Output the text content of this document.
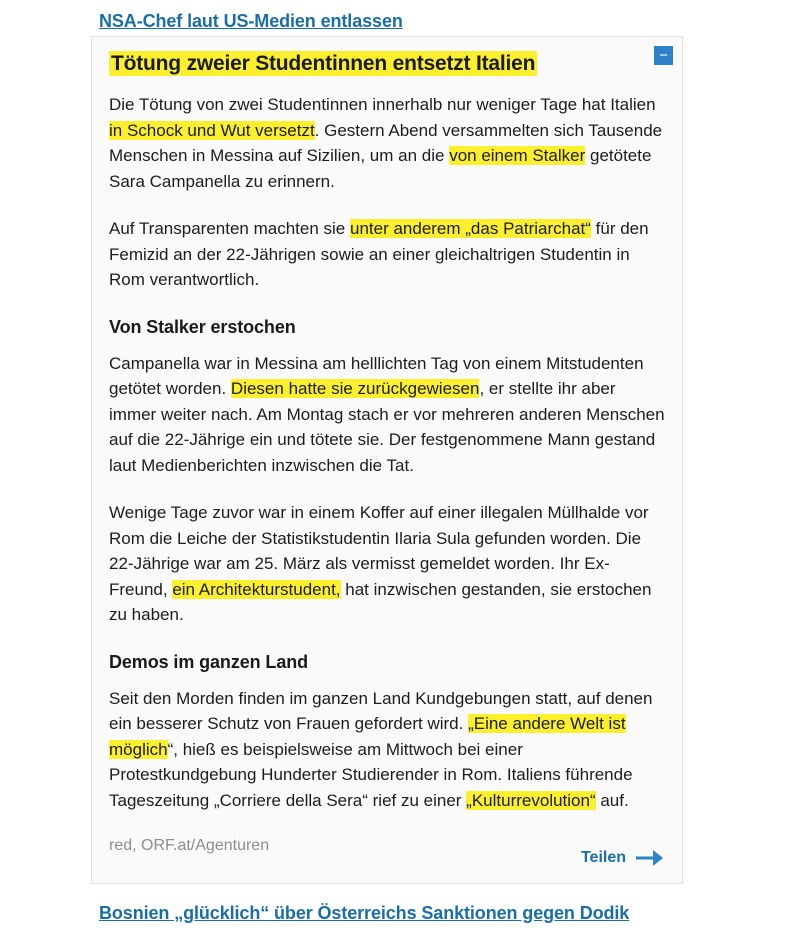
NSA-Chef laut US-Medien entlassen
−
Tötung zweier Studentinnen entsetzt Italien

Die Tötung von zwei Studentinnen innerhalb nur weniger Tage hat Italien in Schock und Wut versetzt. Gestern Abend versammelten sich Tausende Menschen in Messina auf Sizilien, um an die von einem Stalker getötete Sara Campanella zu erinnern.

Auf Transparenten machten sie unter anderem „das Patriarchat“ für den Femizid an der 22-Jährigen sowie an einer gleichaltrigen Studentin in Rom verantwortlich.

Von Stalker erstochen

Campanella war in Messina am helllichten Tag von einem Mitstudenten getötet worden. Diesen hatte sie zurückgewiesen, er stellte ihr aber immer weiter nach. Am Montag stach er vor mehreren anderen Menschen auf die 22-Jährige ein und tötete sie. Der festgenommene Mann gestand laut Medienberichten inzwischen die Tat.

Wenige Tage zuvor war in einem Koffer auf einer illegalen Müllhalde vor Rom die Leiche der Statistikstudentin Ilaria Sula gefunden worden. Die 22-Jährige war am 25. März als vermisst gemeldet worden. Ihr Ex-Freund, ein Architekturstudent, hat inzwischen gestanden, sie erstochen zu haben.

Demos im ganzen Land

Seit den Morden finden im ganzen Land Kundgebungen statt, auf denen ein besserer Schutz von Frauen gefordert wird. „Eine andere Welt ist möglich“, hieß es beispielsweise am Mittwoch bei einer Protestkundgebung Hunderter Studierender in Rom. Italiens führende Tageszeitung „Corriere della Sera“ rief zu einer „Kulturrevolution“ auf.

red, ORF.at/Agenturen

Teilen
Bosnien „glücklich“ über Österreichs Sanktionen gegen Dodik
